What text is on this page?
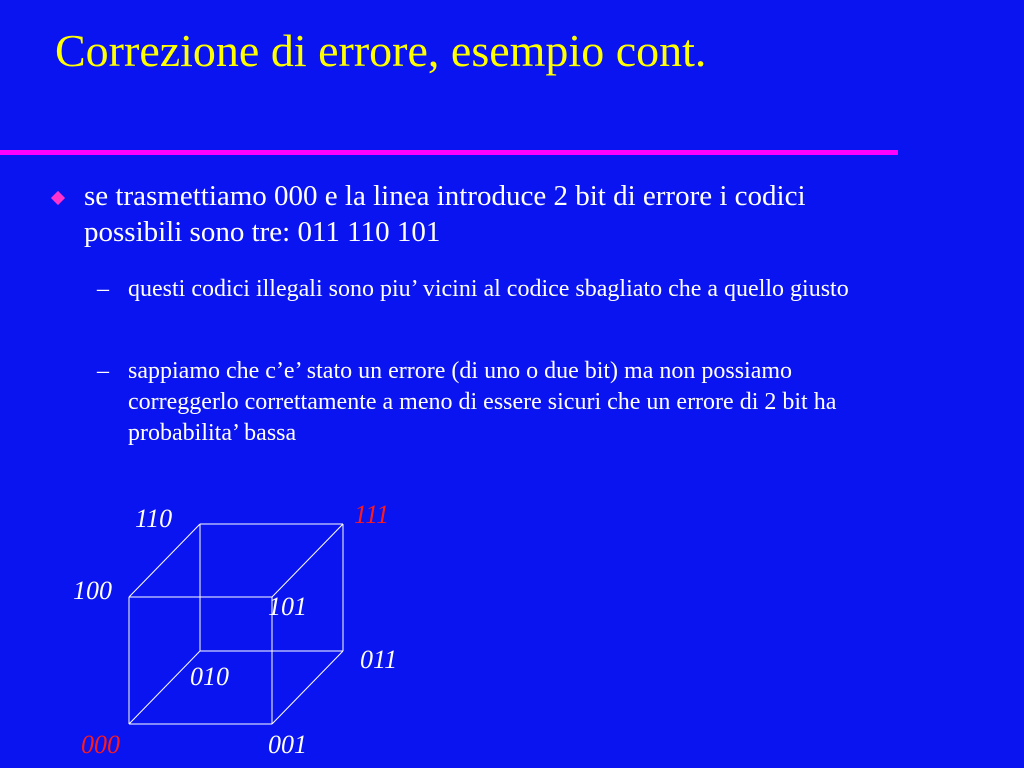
Correzione di errore, esempio cont.

se trasmettiamo 000 e la linea introduce 2 bit di errore i codici possibili sono tre: 011 110 101

– questi codici illegali sono piu’ vicini al codice sbagliato che a quello giusto

– sappiamo che c’e’ stato un errore (di uno o due bit) ma non possiamo correggerlo correttamente a meno di essere sicuri che un errore di 2 bit ha probabilita’ bassa

110	111
100
101
011
010
000	001
